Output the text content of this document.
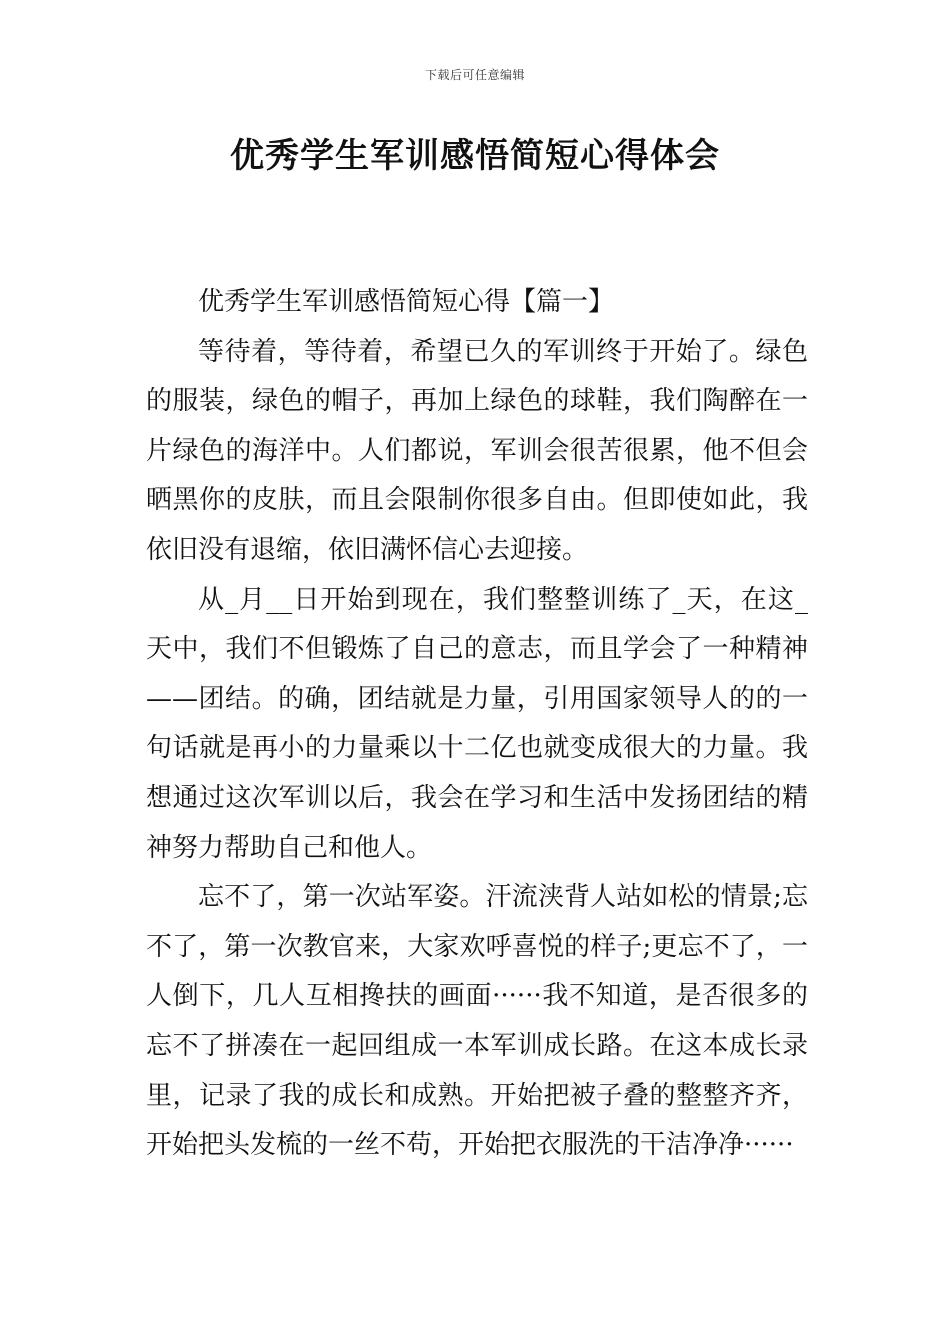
下载后可任意编辑
优秀学生军训感悟简短心得体会

优秀学生军训感悟简短心得【篇一】

等待着，等待着，希望已久的军训终于开始了。绿色的服装，绿色的帽子，再加上绿色的球鞋，我们陶醉在一片绿色的海洋中。人们都说，军训会很苦很累，他不但会晒黑你的皮肤，而且会限制你很多自由。但即使如此，我依旧没有退缩，依旧满怀信心去迎接。

从_月__日开始到现在，我们整整训练了_天，在这_天中，我们不但锻炼了自己的意志，而且学会了一种精神——团结。的确，团结就是力量，引用国家领导人的的一句话就是再小的力量乘以十二亿也就变成很大的力量。我想通过这次军训以后，我会在学习和生活中发扬团结的精神努力帮助自己和他人。

忘不了，第一次站军姿。汗流浃背人站如松的情景;忘不了，第一次教官来，大家欢呼喜悦的样子;更忘不了，一人倒下，几人互相搀扶的画面······我不知道，是否很多的忘不了拼凑在一起回组成一本军训成长路。在这本成长录里，记录了我的成长和成熟。开始把被子叠的整整齐齐，开始把头发梳的一丝不苟，开始把衣服洗的干洁净净······
